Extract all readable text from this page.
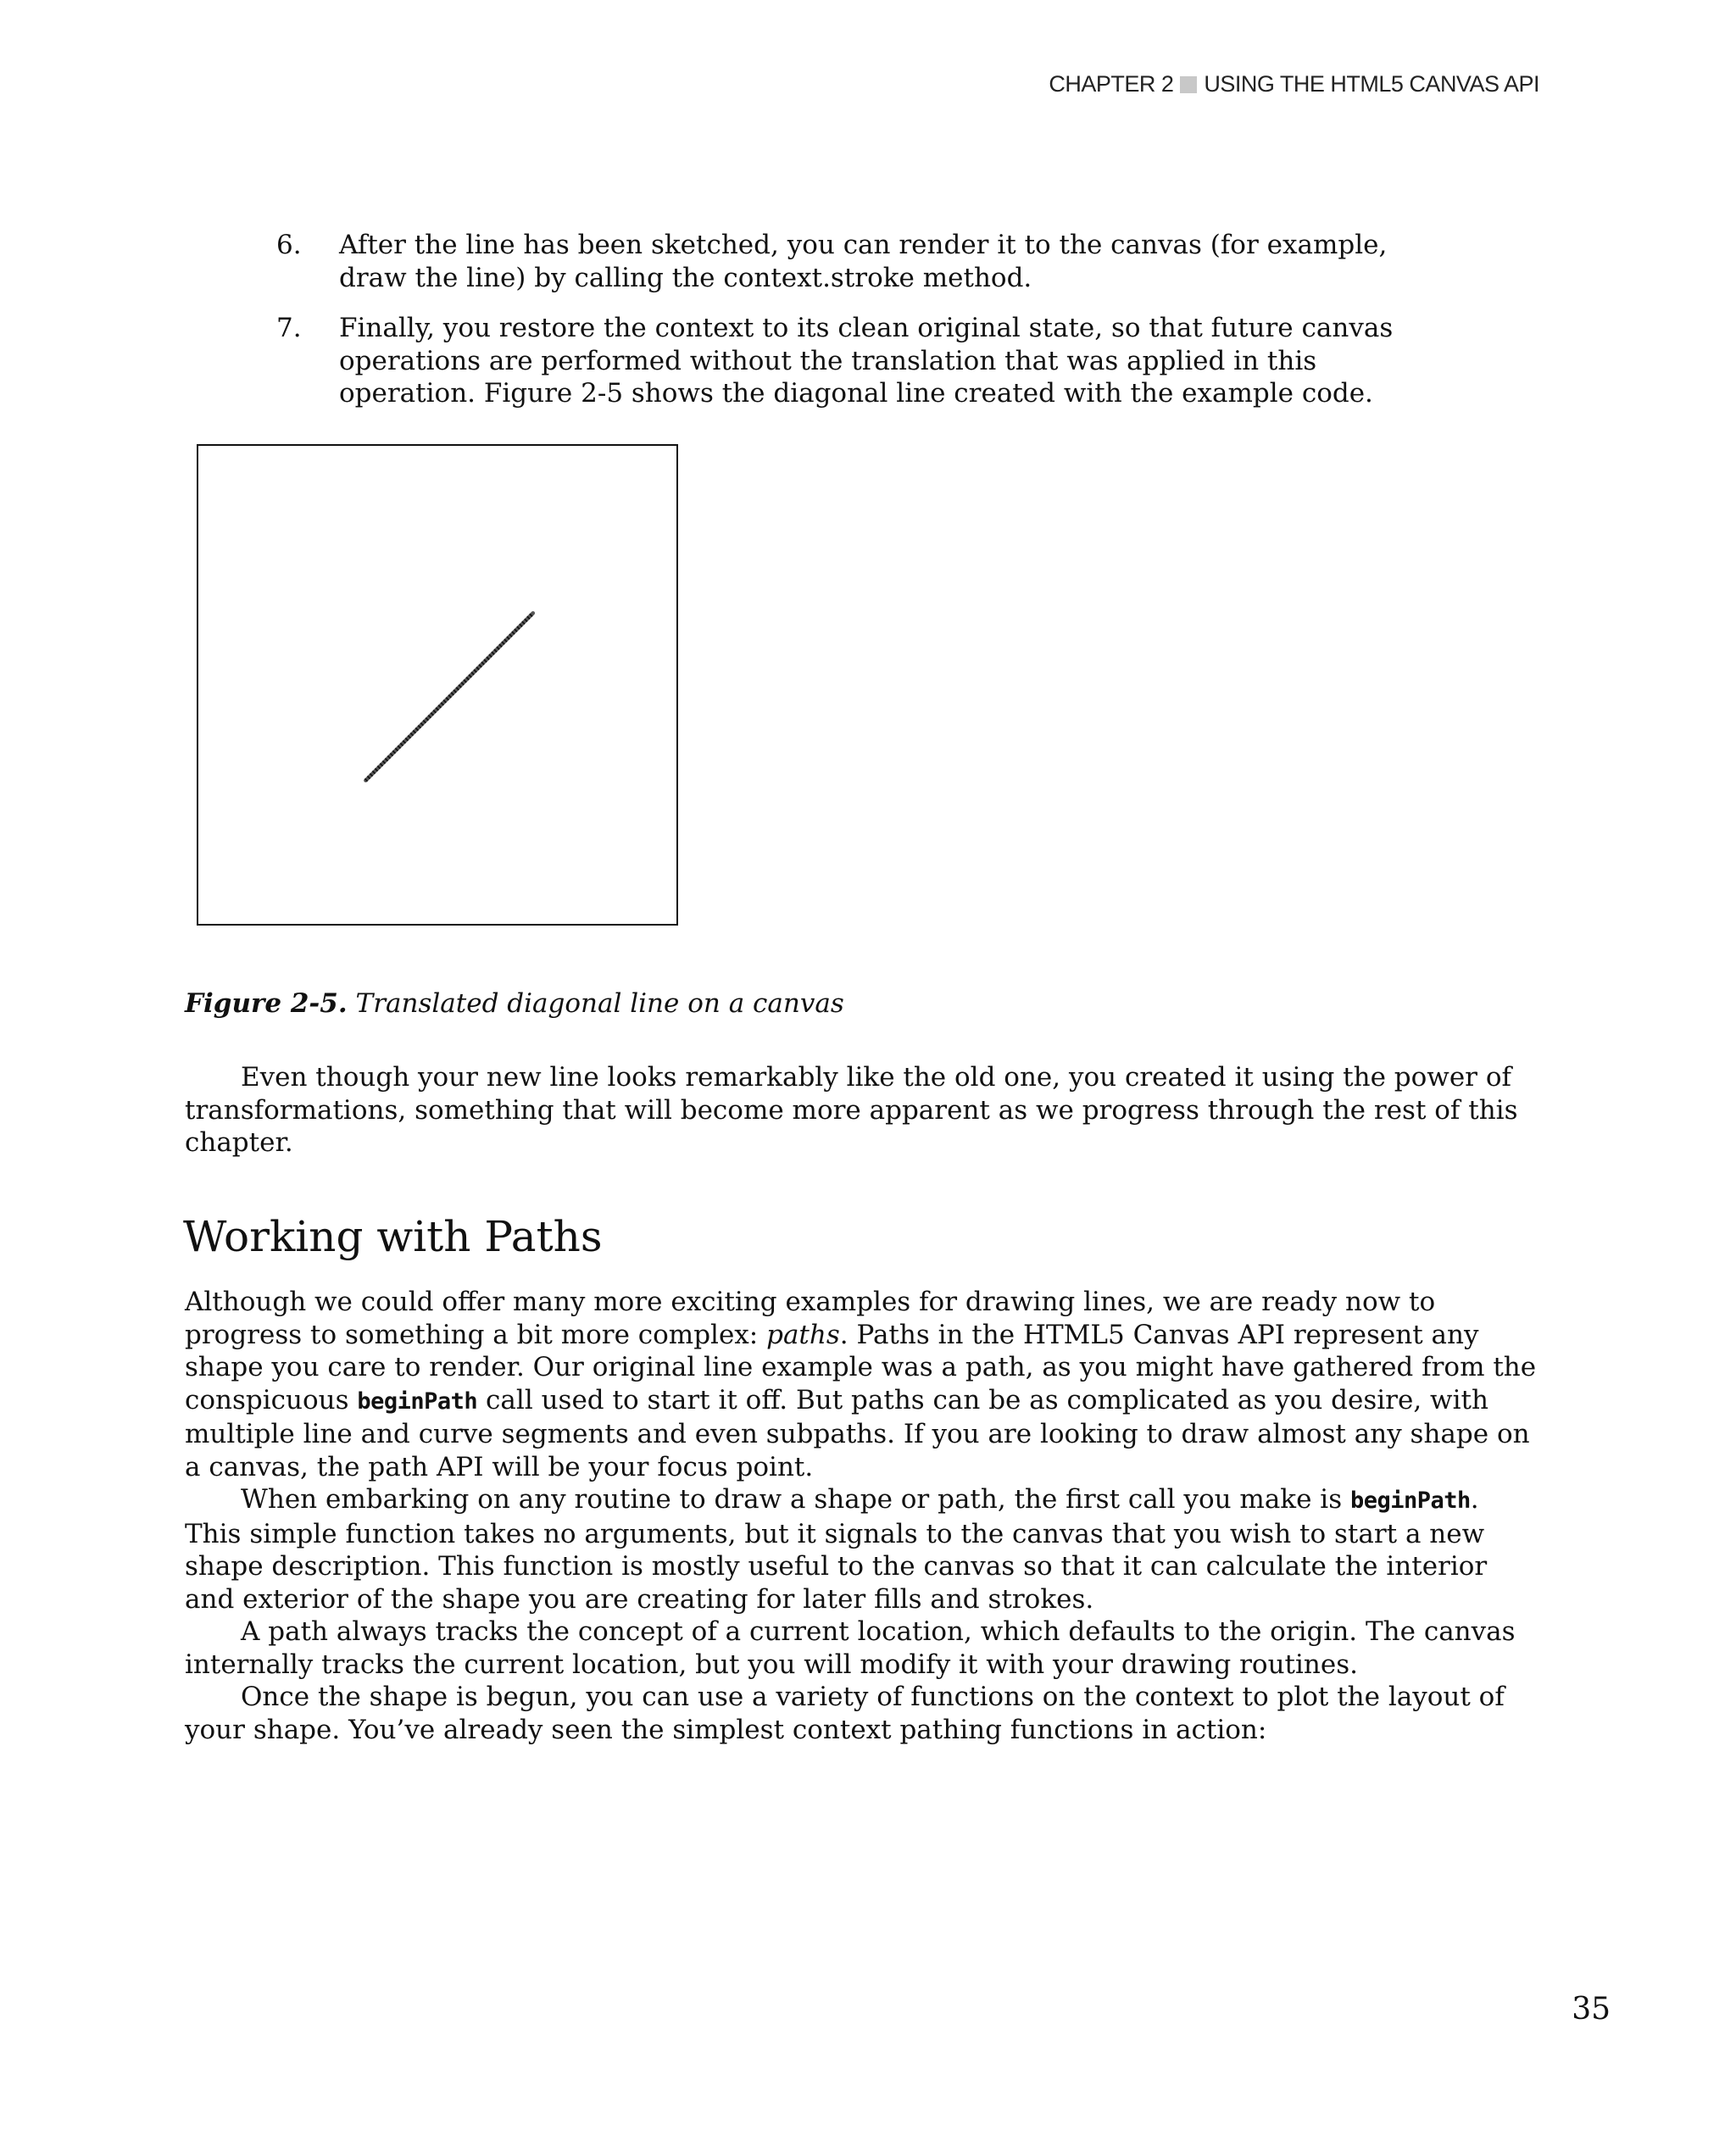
CHAPTER 2 USING THE HTML5 CANVAS API
6.	After the line has been sketched, you can render it to the canvas (for example, draw the line) by calling the context.stroke method.
7.	Finally, you restore the context to its clean original state, so that future canvas operations are performed without the translation that was applied in this operation. Figure 2-5 shows the diagonal line created with the example code.
Figure 2-5. Translated diagonal line on a canvas

Even though your new line looks remarkably like the old one, you created it using the power of transformations, something that will become more apparent as we progress through the rest of this chapter.

Working with Paths

Although we could offer many more exciting examples for drawing lines, we are ready now to progress to something a bit more complex: paths. Paths in the HTML5 Canvas API represent any shape you care to render. Our original line example was a path, as you might have gathered from the conspicuous beginPath call used to start it off. But paths can be as complicated as you desire, with multiple line and curve segments and even subpaths. If you are looking to draw almost any shape on a canvas, the path API will be your focus point.

When embarking on any routine to draw a shape or path, the first call you make is beginPath. This simple function takes no arguments, but it signals to the canvas that you wish to start a new shape description. This function is mostly useful to the canvas so that it can calculate the interior and exterior of the shape you are creating for later fills and strokes.

A path always tracks the concept of a current location, which defaults to the origin. The canvas internally tracks the current location, but you will modify it with your drawing routines.

Once the shape is begun, you can use a variety of functions on the context to plot the layout of your shape. You’ve already seen the simplest context pathing functions in action:

35
